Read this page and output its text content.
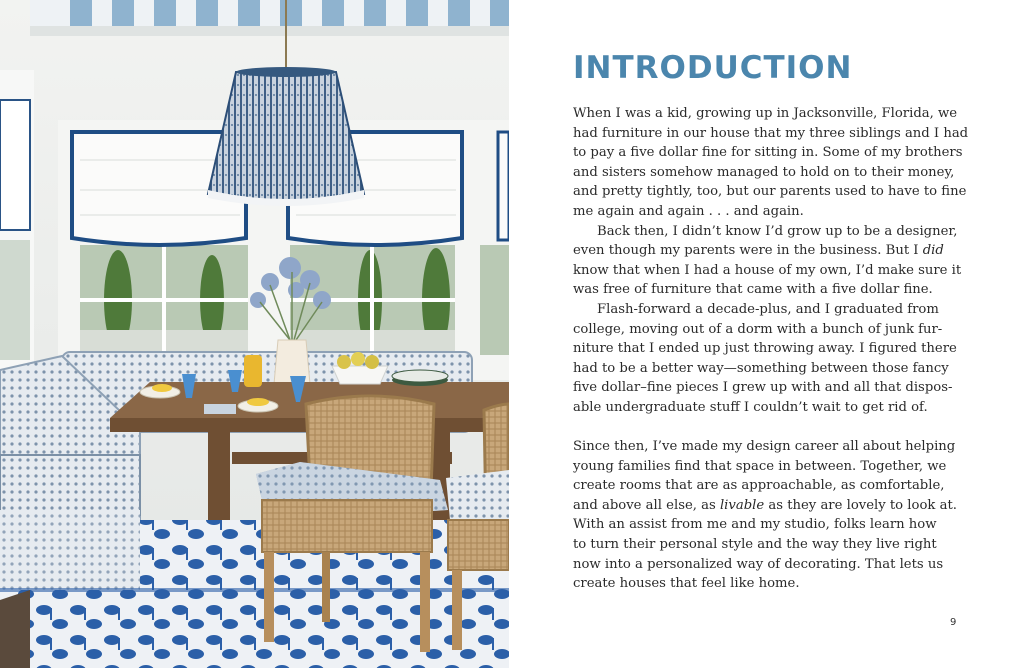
INTRODUCTION
When I was a kid, growing up in Jacksonville, Florida, we
had furniture in our house that my three siblings and I had
to pay a five dollar fine for sitting in. Some of my brothers
and sisters somehow managed to hold on to their money,
and pretty tightly, too, but our parents used to have to fine
me again and again . . . and again.
Back then, I didn’t know I’d grow up to be a designer,
even though my parents were in the business. But I did
know that when I had a house of my own, I’d make sure it
was free of furniture that came with a five dollar fine.
Flash-forward a decade-plus, and I graduated from
college, moving out of a dorm with a bunch of junk fur-
niture that I ended up just throwing away. I figured there
had to be a better way—something between those fancy
five dollar–fine pieces I grew up with and all that dispos-
able undergraduate stuff I couldn’t wait to get rid of.
Since then, I’ve made my design career all about helping
young families find that space in between. Together, we
create rooms that are as approachable, as comfortable,
and above all else, as livable as they are lovely to look at.
With an assist from me and my studio, folks learn how
to turn their personal style and the way they live right
now into a personalized way of decorating. That lets us
create houses that feel like home.
9
